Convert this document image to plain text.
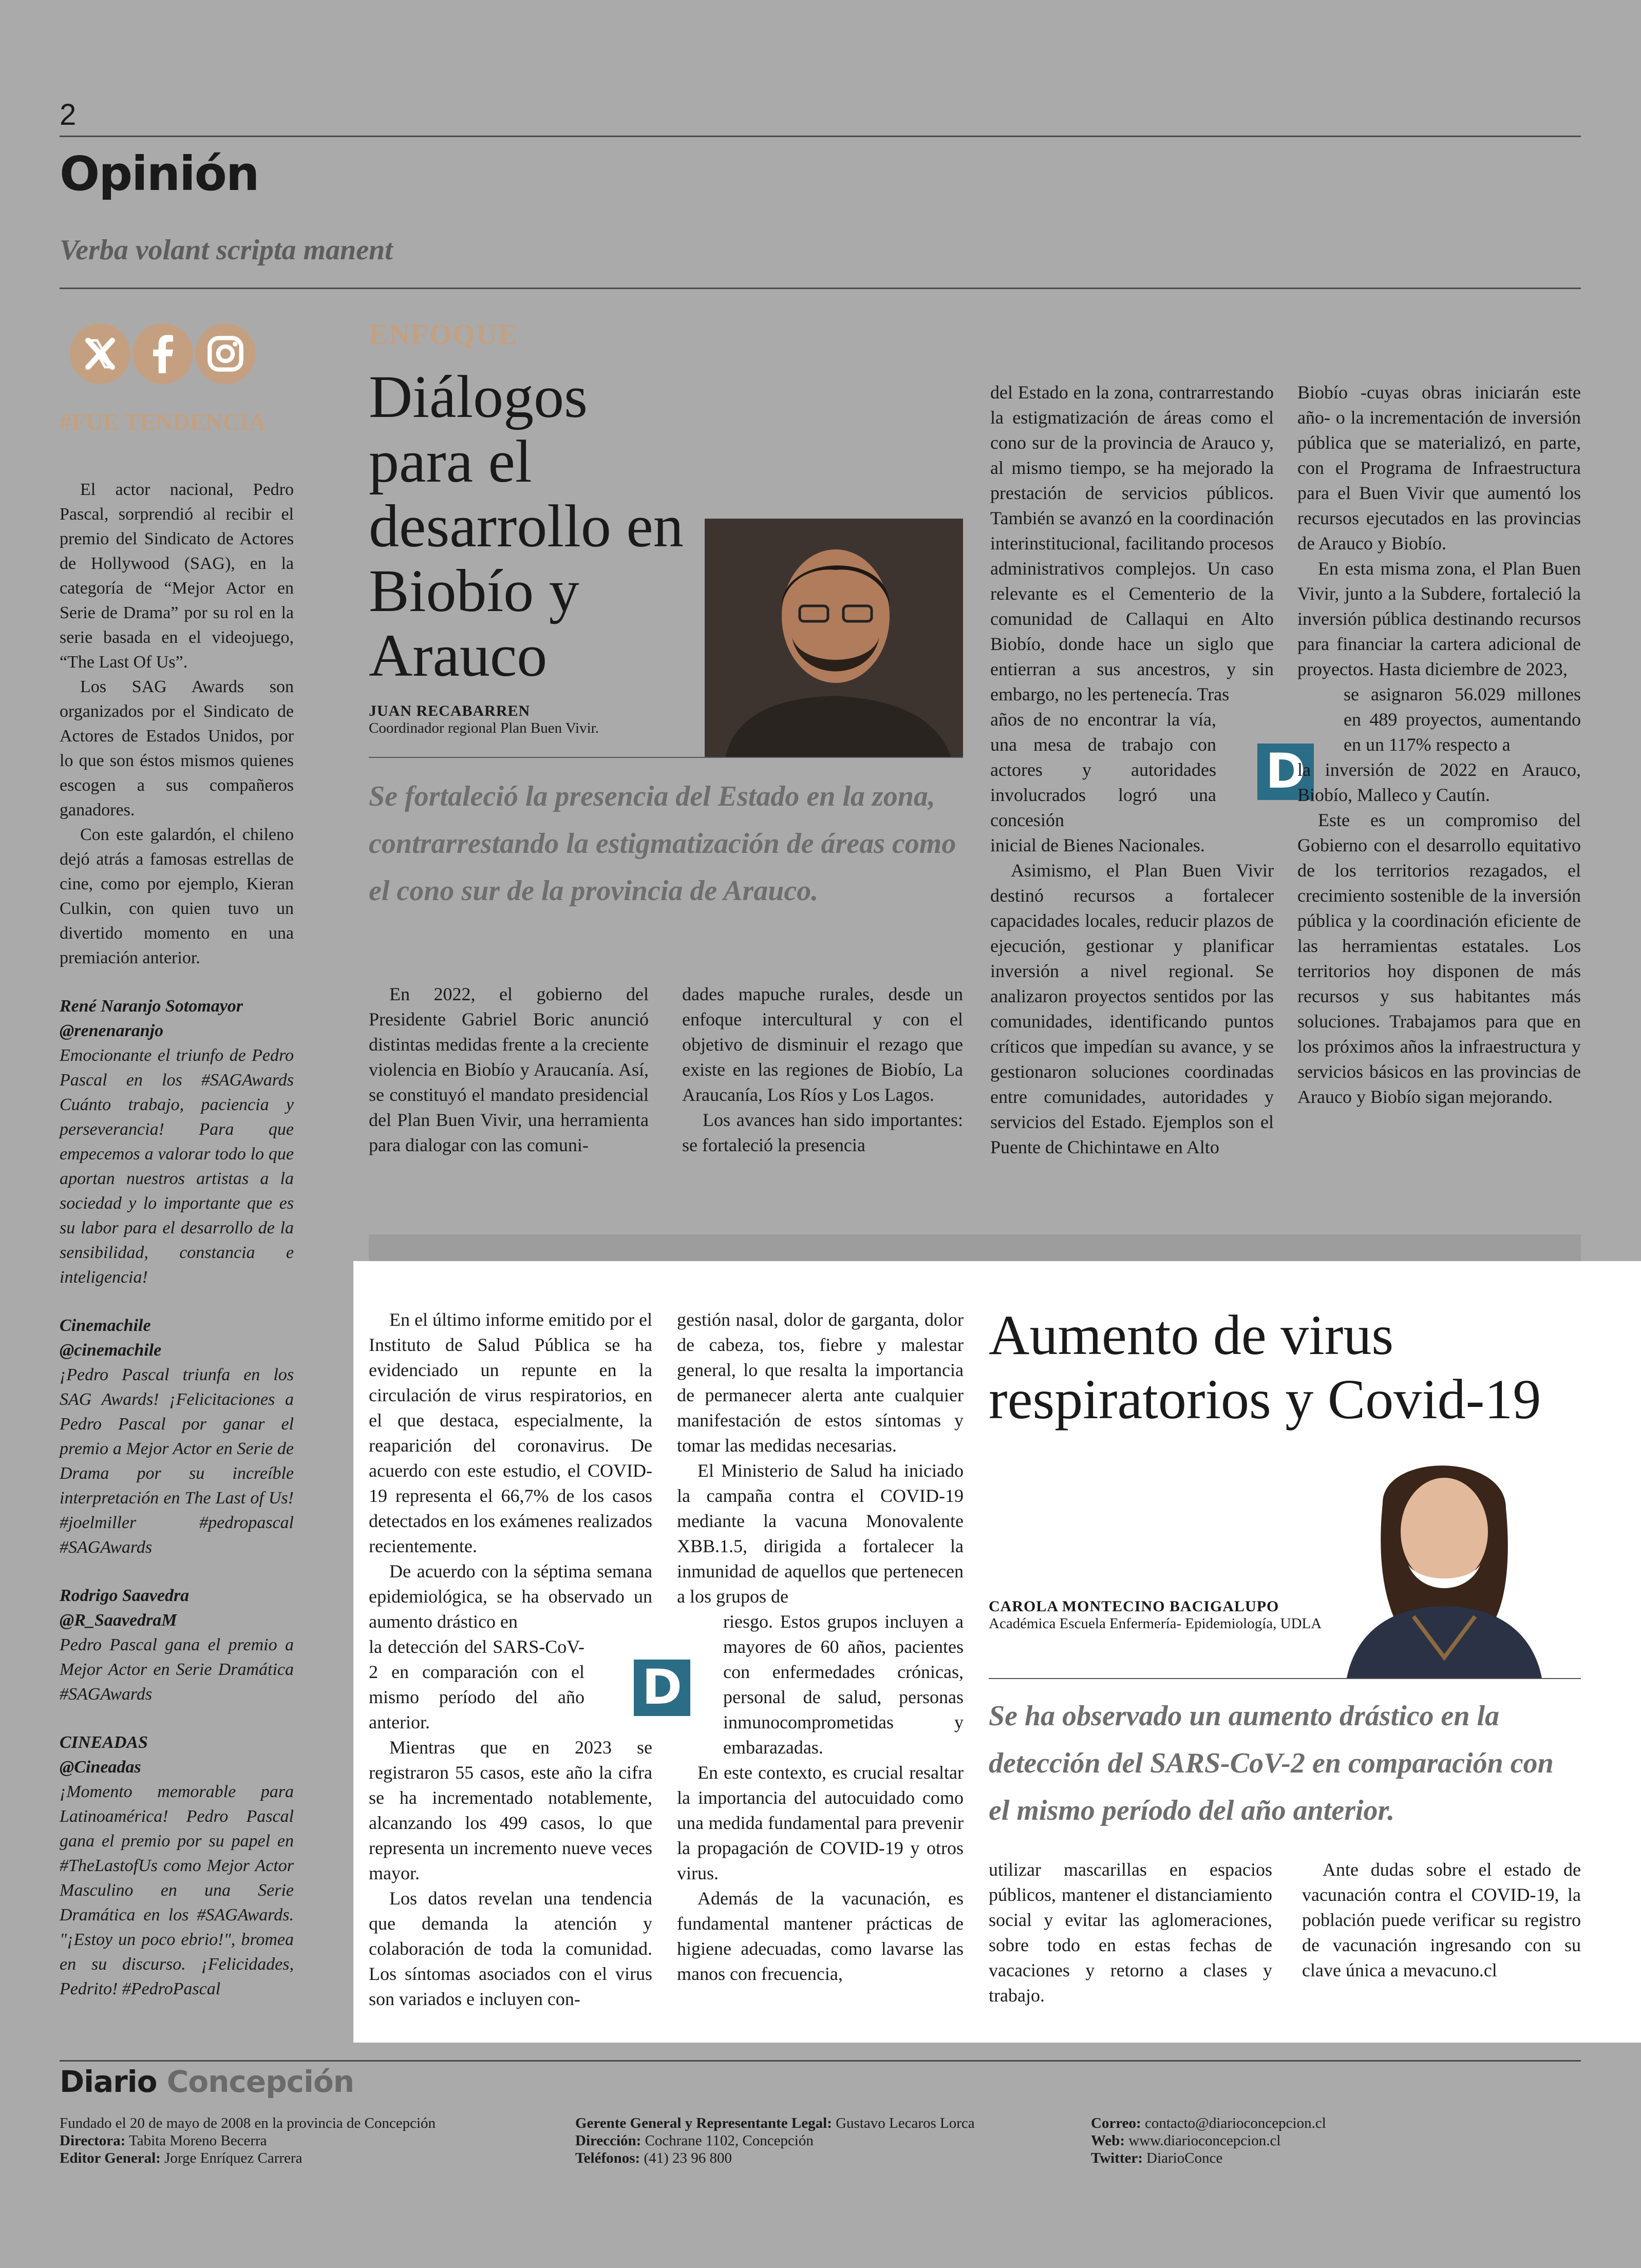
2
Opinión
Verba volant scripta manent
#FUE TENDENCIA

El actor nacional, Pedro Pascal, sorprendió al recibir el premio del Sindicato de Actores de Hollywood (SAG), en la categoría de “Mejor Actor en Serie de Drama” por su rol en la serie basada en el videojuego, “The Last Of Us”.

Los SAG Awards son organizados por el Sindicato de Actores de Estados Unidos, por lo que son éstos mismos quienes escogen a sus compañeros ganadores.

Con este galardón, el chileno dejó atrás a famosas estrellas de cine, como por ejemplo, Kieran Culkin, con quien tuvo un divertido momento en una premiación anterior.

René Naranjo Sotomayor
@renenaranjo
Emocionante el triunfo de Pedro Pascal en los #SAGAwards Cuánto trabajo, paciencia y perseverancia! Para que empecemos a valorar todo lo que aportan nuestros artistas a la sociedad y lo importante que es su labor para el desarrollo de la sensibilidad, constancia e inteligencia!
Cinemachile
@cinemachile
¡Pedro Pascal triunfa en los SAG Awards! ¡Felicitaciones a Pedro Pascal por ganar el premio a Mejor Actor en Serie de Drama por su increíble interpretación en The Last of Us! #joelmiller #pedropascal #SAGAwards
Rodrigo Saavedra
@R_SaavedraM
Pedro Pascal gana el premio a Mejor Actor en Serie Dramática #SAGAwards
CINEADAS
@Cineadas
¡Momento memorable para Latinoamérica! Pedro Pascal gana el premio por su papel en #TheLastofUs como Mejor Actor Masculino en una Serie Dramática en los #SAGAwards. "¡Estoy un poco ebrio!", bromea en su discurso. ¡Felicidades, Pedrito! #PedroPascal
ENFOQUE
Diálogos para el desarrollo en Biobío y Arauco
JUAN RECABARREN
Coordinador regional Plan Buen Vivir.
Se fortaleció la presencia del Estado en la zona, contrarrestando la estigmatización de áreas como el cono sur de la provincia de Arauco.

En 2022, el gobierno del Presidente Gabriel Boric anunció distintas medidas frente a la creciente violencia en Biobío y Araucanía. Así, se constituyó el mandato presidencial del Plan Buen Vivir, una herramienta para dialogar con las comuni-

dades mapuche rurales, desde un enfoque intercultural y con el objetivo de disminuir el rezago que existe en las regiones de Biobío, La Araucanía, Los Ríos y Los Lagos.

Los avances han sido importantes: se fortaleció la presencia

del Estado en la zona, contrarrestando la estigmatización de áreas como el cono sur de la provincia de Arauco y, al mismo tiempo, se ha mejorado la prestación de servicios públicos. También se avanzó en la coordinación interinstitucional, facilitando procesos administrativos complejos. Un caso relevante es el Cementerio de la comunidad de Callaqui en Alto Biobío, donde hace un siglo que entierran a sus ancestros, y sin embargo, no les pertenecía. Tras

años de no encontrar la vía, una mesa de trabajo con actores y autoridades involucrados logró una concesión

inicial de Bienes Nacionales.

Asimismo, el Plan Buen Vivir destinó recursos a fortalecer capacidades locales, reducir plazos de ejecución, gestionar y planificar inversión a nivel regional. Se analizaron proyectos sentidos por las comunidades, identificando puntos críticos que impedían su avance, y se gestionaron soluciones coordinadas entre comunidades, autoridades y servicios del Estado. Ejemplos son el Puente de Chichintawe en Alto

D

Biobío -cuyas obras iniciarán este año- o la incrementación de inversión pública que se materializó, en parte, con el Programa de Infraestructura para el Buen Vivir que aumentó los recursos ejecutados en las provincias de Arauco y Biobío.

En esta misma zona, el Plan Buen Vivir, junto a la Subdere, fortaleció la inversión pública destinando recursos para financiar la cartera adicional de proyectos. Hasta diciembre de 2023,

se asignaron 56.029 millones en 489 proyectos, aumentando en un 117% respecto a

la inversión de 2022 en Arauco, Biobío, Malleco y Cautín.

Este es un compromiso del Gobierno con el desarrollo equitativo de los territorios rezagados, el crecimiento sostenible de la inversión pública y la coordinación eficiente de las herramientas estatales. Los territorios hoy disponen de más recursos y sus habitantes más soluciones. Trabajamos para que en los próximos años la infraestructura y servicios básicos en las provincias de Arauco y Biobío sigan mejorando.

En el último informe emitido por el Instituto de Salud Pública se ha evidenciado un repunte en la circulación de virus respiratorios, en el que destaca, especialmente, la reaparición del coronavirus. De acuerdo con este estudio, el COVID-19 representa el 66,7% de los casos detectados en los exámenes realizados recientemente.

De acuerdo con la séptima semana epidemiológica, se ha observado un aumento drástico en

la detección del SARS-CoV-2 en comparación con el mismo período del año anterior.

Mientras que en 2023 se registraron 55 casos, este año la cifra se ha incrementado notablemente, alcanzando los 499 casos, lo que representa un incremento nueve veces mayor.

Los datos revelan una tendencia que demanda la atención y colaboración de toda la comunidad. Los síntomas asociados con el virus son variados e incluyen con-

D

gestión nasal, dolor de garganta, dolor de cabeza, tos, fiebre y malestar general, lo que resalta la importancia de permanecer alerta ante cualquier manifestación de estos síntomas y tomar las medidas necesarias.

El Ministerio de Salud ha iniciado la campaña contra el COVID-19 mediante la vacuna Monovalente XBB.1.5, dirigida a fortalecer la inmunidad de aquellos que pertenecen a los grupos de

riesgo. Estos grupos incluyen a mayores de 60 años, pacientes con enfermedades crónicas, personal de salud, personas inmunocomprometidas y embarazadas.

En este contexto, es crucial resaltar la importancia del autocuidado como una medida fundamental para prevenir la propagación de COVID-19 y otros virus.

Además de la vacunación, es fundamental mantener prácticas de higiene adecuadas, como lavarse las manos con frecuencia,

Aumento de virus respiratorios y Covid-19
CAROLA MONTECINO BACIGALUPO
Académica Escuela Enfermería- Epidemiología, UDLA
Se ha observado un aumento drástico en la detección del SARS-CoV-2 en comparación con el mismo período del año anterior.

utilizar mascarillas en espacios públicos, mantener el distanciamiento social y evitar las aglomeraciones, sobre todo en estas fechas de vacaciones y retorno a clases y trabajo.

Ante dudas sobre el estado de vacunación contra el COVID-19, la población puede verificar su registro de vacunación ingresando con su clave única a mevacuno.cl

Diario Concepción
Fundado el 20 de mayo de 2008 en la provincia de Concepción
Directora: Tabita Moreno Becerra
Editor General: Jorge Enríquez Carrera
Gerente General y Representante Legal: Gustavo Lecaros Lorca
Dirección: Cochrane 1102, Concepción
Teléfonos: (41) 23 96 800
Correo: contacto@diarioconcepcion.cl
Web: www.diarioconcepcion.cl
Twitter: DiarioConce
